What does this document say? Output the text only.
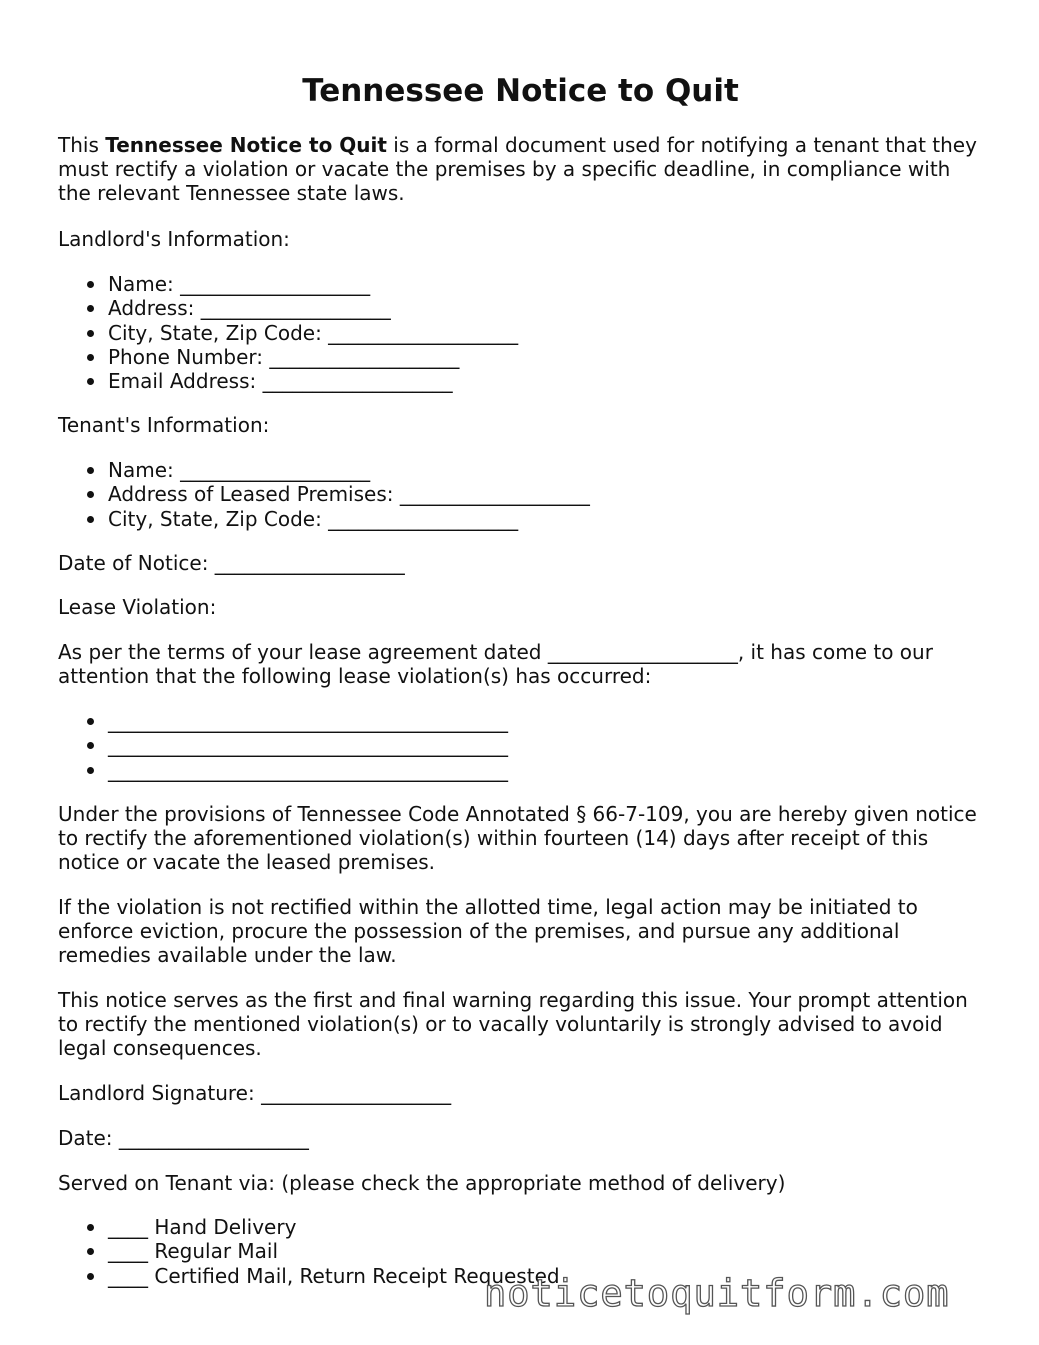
Tennessee Notice to Quit

This Tennessee Notice to Quit is a formal document used for notifying a tenant that they must rectify a violation or vacate the premises by a specific deadline, in compliance with the relevant Tennessee state laws.

Landlord's Information:

Name: ___________________
Address: ___________________
City, State, Zip Code: ___________________
Phone Number: ___________________
Email Address: ___________________

Tenant's Information:

Name: ___________________
Address of Leased Premises: ___________________
City, State, Zip Code: ___________________

Date of Notice: ___________________

Lease Violation:

As per the terms of your lease agreement dated ___________________, it has come to our attention that the following lease violation(s) has occurred:

________________________________________
________________________________________
________________________________________

Under the provisions of Tennessee Code Annotated § 66-7-109, you are hereby given notice to rectify the aforementioned violation(s) within fourteen (14) days after receipt of this notice or vacate the leased premises.

If the violation is not rectified within the allotted time, legal action may be initiated to enforce eviction, procure the possession of the premises, and pursue any additional remedies available under the law.

This notice serves as the first and final warning regarding this issue. Your prompt attention to rectify the mentioned violation(s) or to vacally voluntarily is strongly advised to avoid legal consequences.

Landlord Signature: ___________________

Date: ___________________

Served on Tenant via: (please check the appropriate method of delivery)

____ Hand Delivery
____ Regular Mail
____ Certified Mail, Return Receipt Requested
noticetoquitform.com
